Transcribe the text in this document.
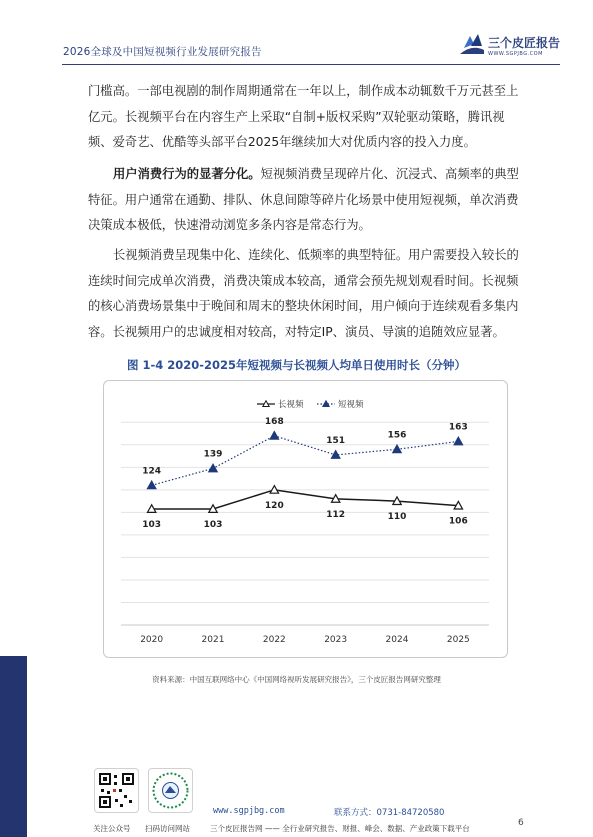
2026全球及中国短视频行业发展研究报告
三个皮匠报告
WWW.SGPJBG.COM

门槛高。一部电视剧的制作周期通常在一年以上，制作成本动辄数千万元甚至上亿元。长视频平台在内容生产上采取“自制+版权采购”双轮驱动策略，腾讯视频、爱奇艺、优酷等头部平台2025年继续加大对优质内容的投入力度。

用户消费行为的显著分化。短视频消费呈现碎片化、沉浸式、高频率的典型特征。用户通常在通勤、排队、休息间隙等碎片化场景中使用短视频，单次消费决策成本极低，快速滑动浏览多条内容是常态行为。

长视频消费呈现集中化、连续化、低频率的典型特征。用户需要投入较长的连续时间完成单次消费，消费决策成本较高，通常会预先规划观看时间。长视频的核心消费场景集中于晚间和周末的整块休闲时间，用户倾向于连续观看多集内容。长视频用户的忠诚度相对较高，对特定IP、演员、导演的追随效应显著。

图 1-4 2020-2025年短视频与长视频人均单日使用时长（分钟）
2020	2021	2022	2023	2024	2025
103	103
120
112	110	106
124
139
168
151
156
163
长视频	短视频
资料来源：中国互联网络中心《中国网络视听发展研究报告》，三个皮匠报告网研究整理
关注公众号 扫码访问网站
www.sgpjbg.com	联系方式：0731-84720580
三个皮匠报告网 —— 全行业研究报告、财报、峰会、数据、产业政策下载平台
6
